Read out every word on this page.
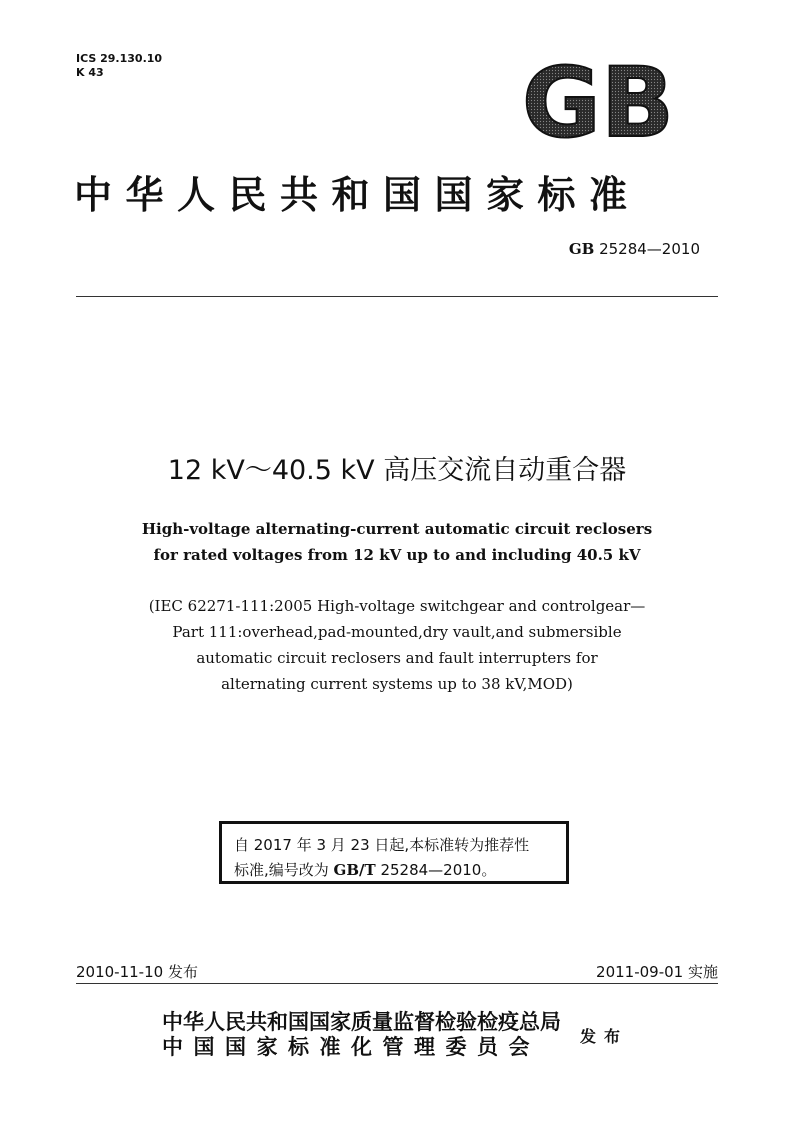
ICS 29.130.10
K 43	GB
中华人民共和国国家标准
GB 25284—2010
12 kV～40.5 kV 高压交流自动重合器
High-voltage alternating-current automatic circuit reclosers
for rated voltages from 12 kV up to and including 40.5 kV
(IEC 62271-111:2005 High-voltage switchgear and controlgear—
Part 111:overhead,pad-mounted,dry vault,and submersible
automatic circuit reclosers and fault interrupters for
alternating current systems up to 38 kV,MOD)
自 2017 年 3 月 23 日起,本标准转为推荐性
标准,编号改为 GB/T 25284—2010。
2010-11-10 发布	2011-09-01 实施
中华人民共和国国家质量监督检验检疫总局
中国国家标准化管理委员会	发布
